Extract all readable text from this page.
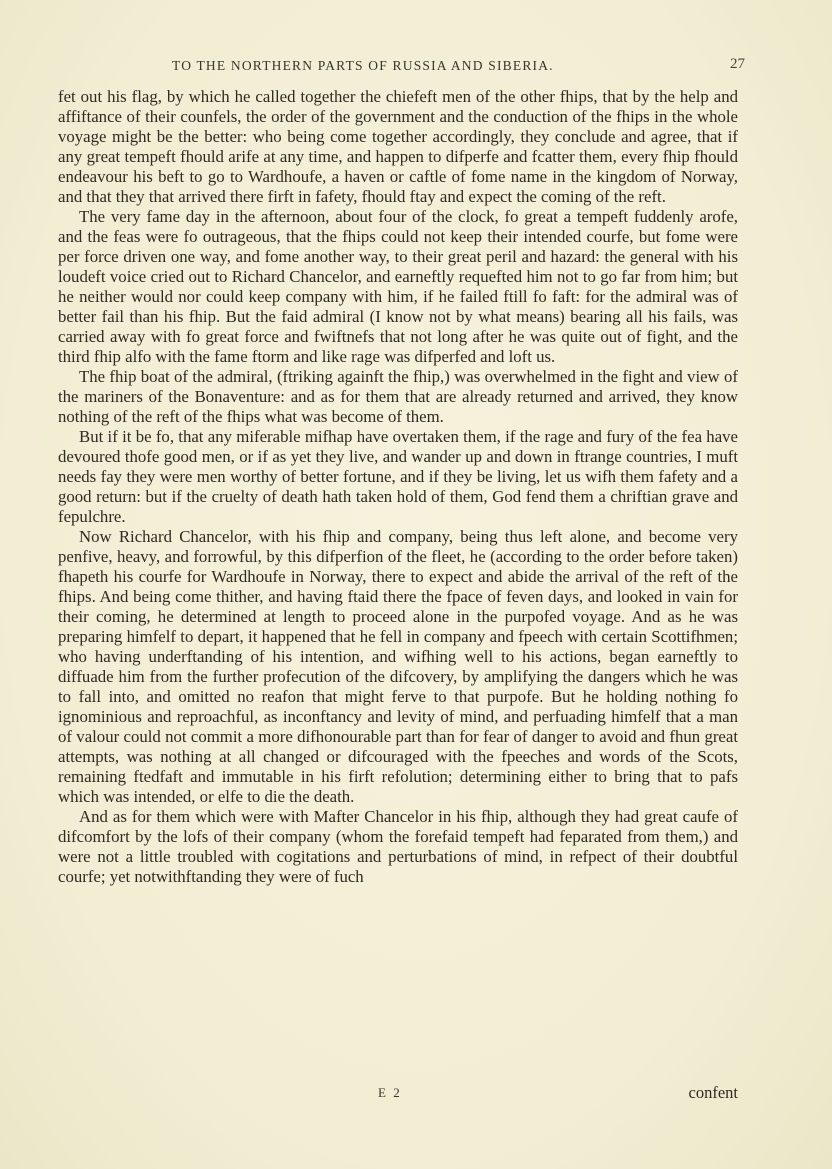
TO THE NORTHERN PARTS OF RUSSIA AND SIBERIA.	27

fet out his flag, by which he called together the chiefeft men of the other fhips, that by the help and affiftance of their counfels, the order of the government and the conduction of the fhips in the whole voyage might be the better: who being come together accordingly, they conclude and agree, that if any great tempeft fhould arife at any time, and happen to difperfe and fcatter them, every fhip fhould endeavour his beft to go to Wardhoufe, a haven or caftle of fome name in the kingdom of Norway, and that they that arrived there firft in fafety, fhould ftay and expect the coming of the reft.

The very fame day in the afternoon, about four of the clock, fo great a tempeft fuddenly arofe, and the feas were fo outrageous, that the fhips could not keep their intended courfe, but fome were per force driven one way, and fome another way, to their great peril and hazard: the general with his loudeft voice cried out to Richard Chancelor, and earneftly requefted him not to go far from him; but he neither would nor could keep company with him, if he failed ftill fo faft: for the admiral was of better fail than his fhip. But the faid admiral (I know not by what means) bearing all his fails, was carried away with fo great force and fwiftnefs that not long after he was quite out of fight, and the third fhip alfo with the fame ftorm and like rage was difperfed and loft us.

The fhip boat of the admiral, (ftriking againft the fhip,) was overwhelmed in the fight and view of the mariners of the Bonaventure: and as for them that are already returned and arrived, they know nothing of the reft of the fhips what was become of them.

But if it be fo, that any miferable mifhap have overtaken them, if the rage and fury of the fea have devoured thofe good men, or if as yet they live, and wander up and down in ftrange countries, I muft needs fay they were men worthy of better fortune, and if they be living, let us wifh them fafety and a good return: but if the cruelty of death hath taken hold of them, God fend them a chriftian grave and fepulchre.

Now Richard Chancelor, with his fhip and company, being thus left alone, and become very penfive, heavy, and forrowful, by this difperfion of the fleet, he (according to the order before taken) fhapeth his courfe for Wardhoufe in Norway, there to expect and abide the arrival of the reft of the fhips. And being come thither, and having ftaid there the fpace of feven days, and looked in vain for their coming, he determined at length to proceed alone in the purpofed voyage. And as he was preparing himfelf to depart, it happened that he fell in company and fpeech with certain Scottifhmen; who having underftanding of his intention, and wifhing well to his actions, began earneftly to diffuade him from the further profecution of the difcovery, by amplifying the dangers which he was to fall into, and omitted no reafon that might ferve to that purpofe. But he holding nothing fo ignominious and reproachful, as inconftancy and levity of mind, and perfuading himfelf that a man of valour could not commit a more difhonourable part than for fear of danger to avoid and fhun great attempts, was nothing at all changed or difcouraged with the fpeeches and words of the Scots, remaining ftedfaft and immutable in his firft refolution; determining either to bring that to pafs which was intended, or elfe to die the death.

And as for them which were with Mafter Chancelor in his fhip, although they had great caufe of difcomfort by the lofs of their company (whom the forefaid tempeft had feparated from them,) and were not a little troubled with cogitations and perturbations of mind, in refpect of their doubtful courfe; yet notwithftanding they were of fuch

E 2	confent
